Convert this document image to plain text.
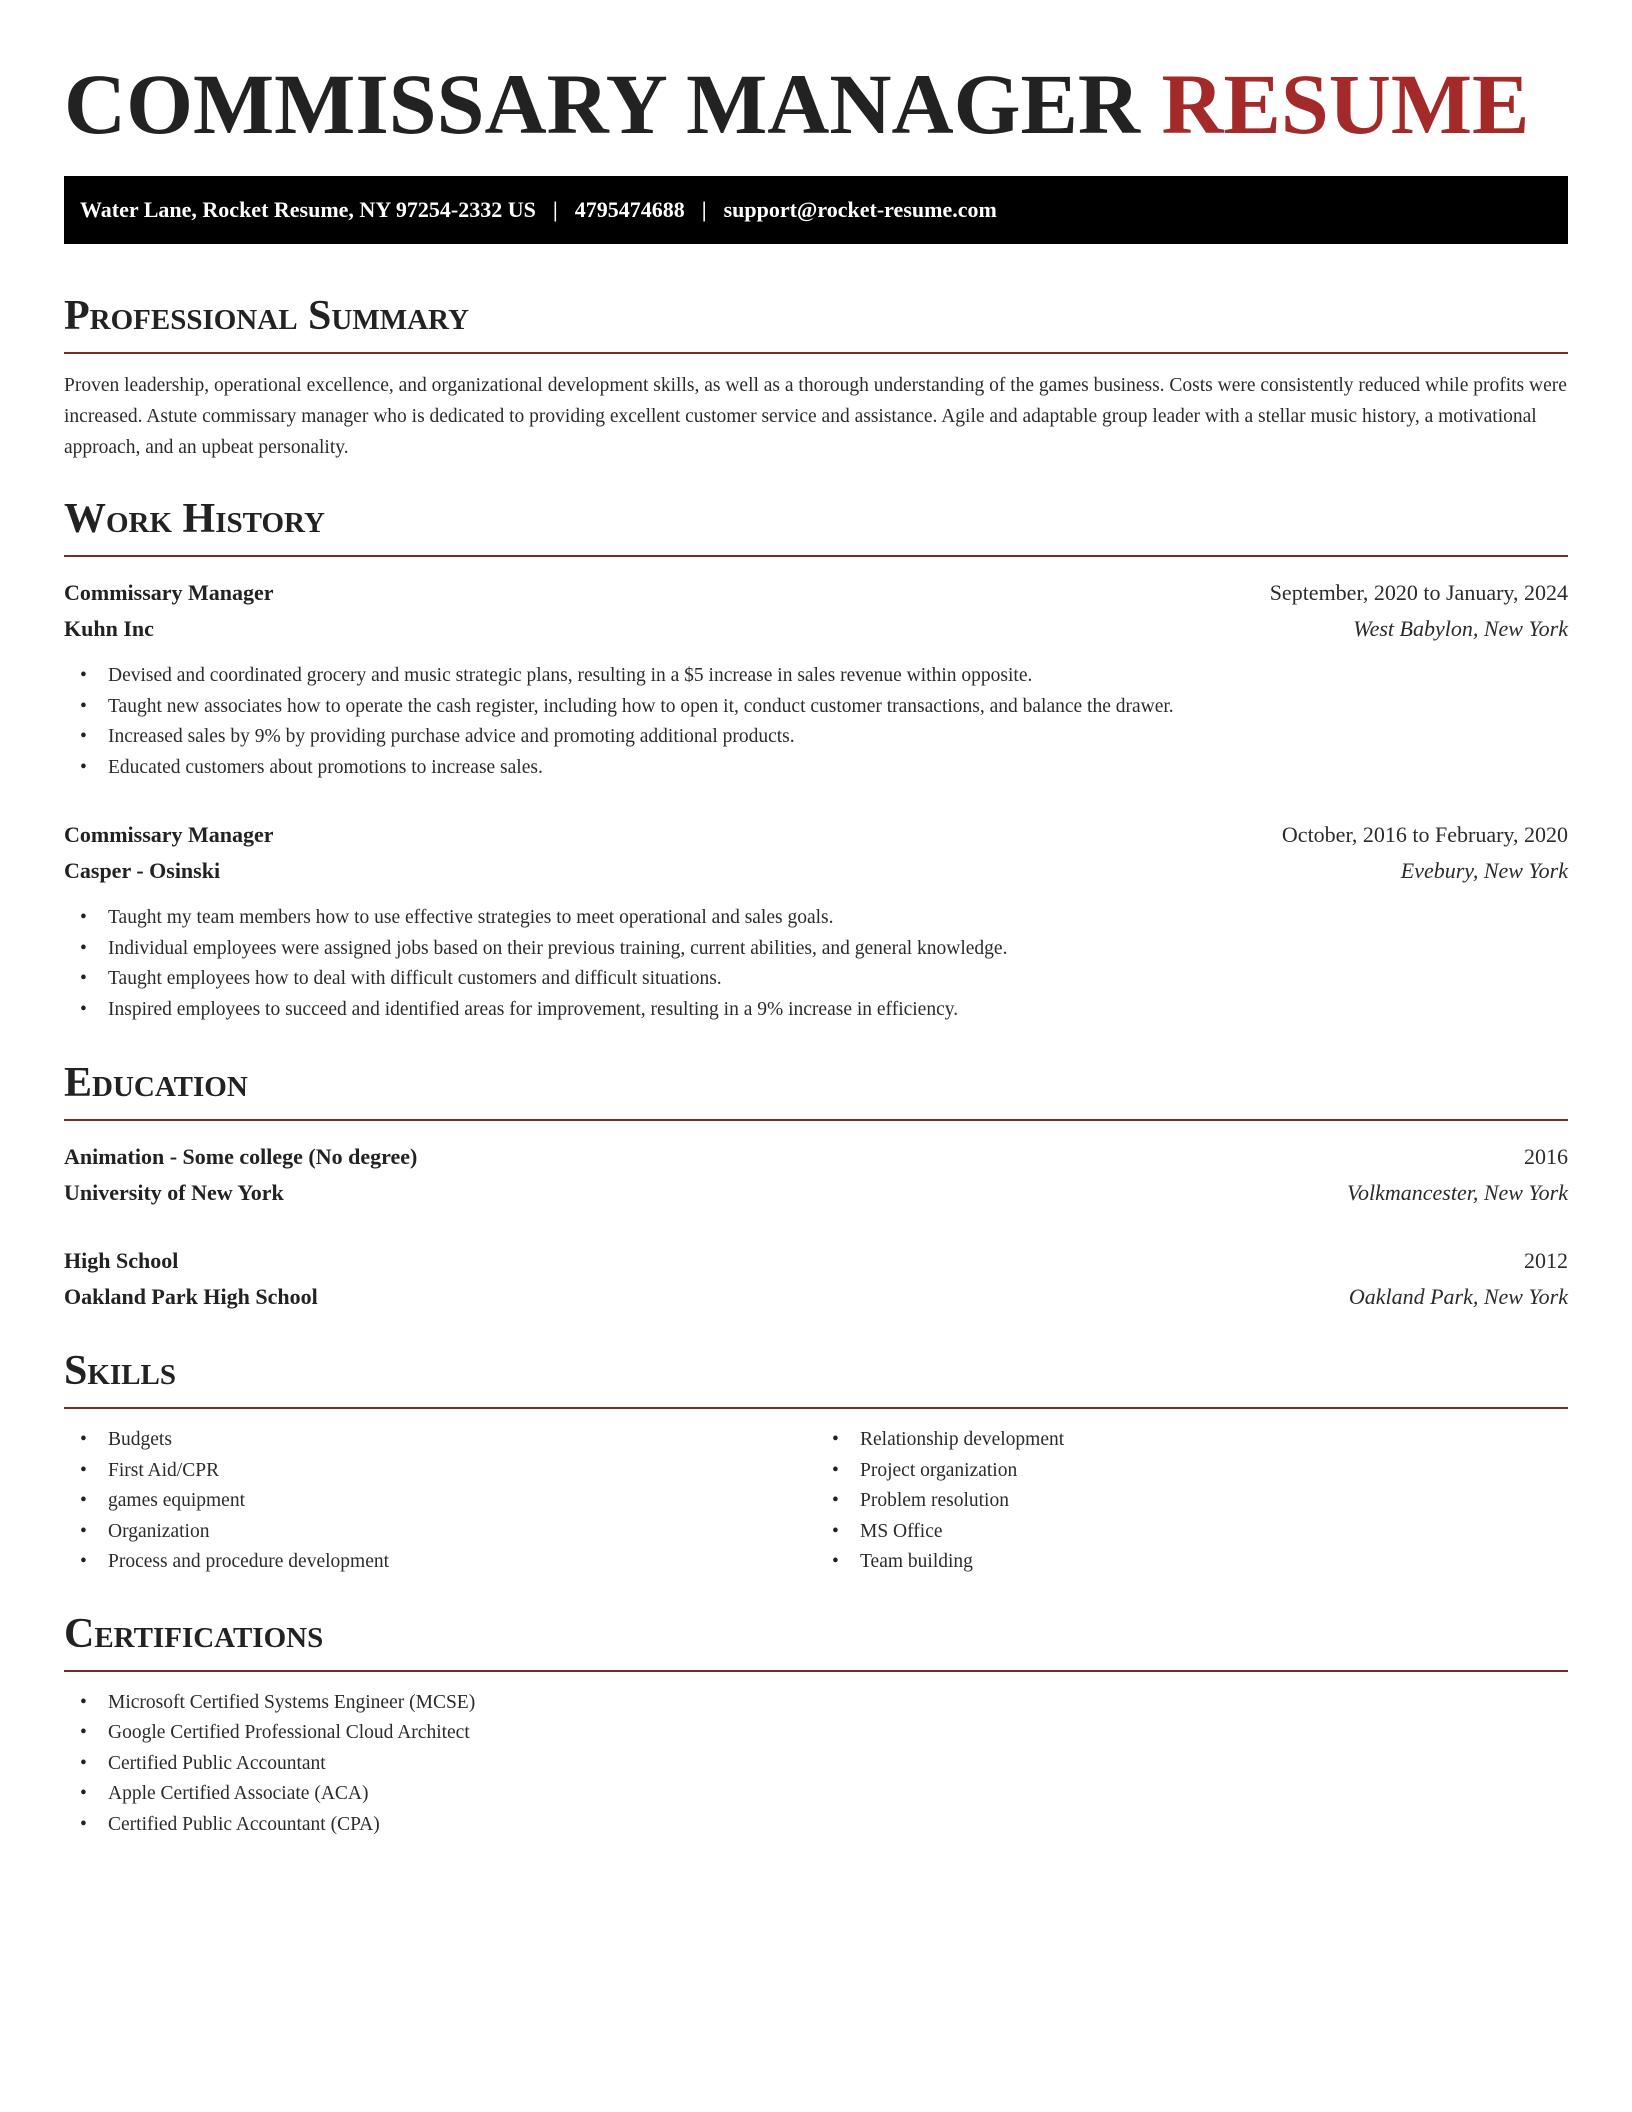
COMMISSARY MANAGER RESUME
Water Lane, Rocket Resume, NY 97254-2332 US | 4795474688 | support@rocket-resume.com
Professional Summary

Proven leadership, operational excellence, and organizational development skills, as well as a thorough understanding of the games business. Costs were consistently reduced while profits were increased. Astute commissary manager who is dedicated to providing excellent customer service and assistance. Agile and adaptable group leader with a stellar music history, a motivational approach, and an upbeat personality.

Work History
Commissary Manager	September, 2020 to January, 2024
Kuhn Inc	West Babylon, New York
• Devised and coordinated grocery and music strategic plans, resulting in a $5 increase in sales revenue within opposite.
• Taught new associates how to operate the cash register, including how to open it, conduct customer transactions, and balance the drawer.
• Increased sales by 9% by providing purchase advice and promoting additional products.
• Educated customers about promotions to increase sales.
Commissary Manager	October, 2016 to February, 2020
Casper - Osinski	Evebury, New York
• Taught my team members how to use effective strategies to meet operational and sales goals.
• Individual employees were assigned jobs based on their previous training, current abilities, and general knowledge.
• Taught employees how to deal with difficult customers and difficult situations.
• Inspired employees to succeed and identified areas for improvement, resulting in a 9% increase in efficiency.
Education
Animation - Some college (No degree)	2016
University of New York	Volkmancester, New York
High School	2012
Oakland Park High School	Oakland Park, New York
Skills
• Budgets
• First Aid/CPR
• games equipment
• Organization
• Process and procedure development
• Relationship development
• Project organization
• Problem resolution
• MS Office
• Team building
Certifications
• Microsoft Certified Systems Engineer (MCSE)
• Google Certified Professional Cloud Architect
• Certified Public Accountant
• Apple Certified Associate (ACA)
• Certified Public Accountant (CPA)
